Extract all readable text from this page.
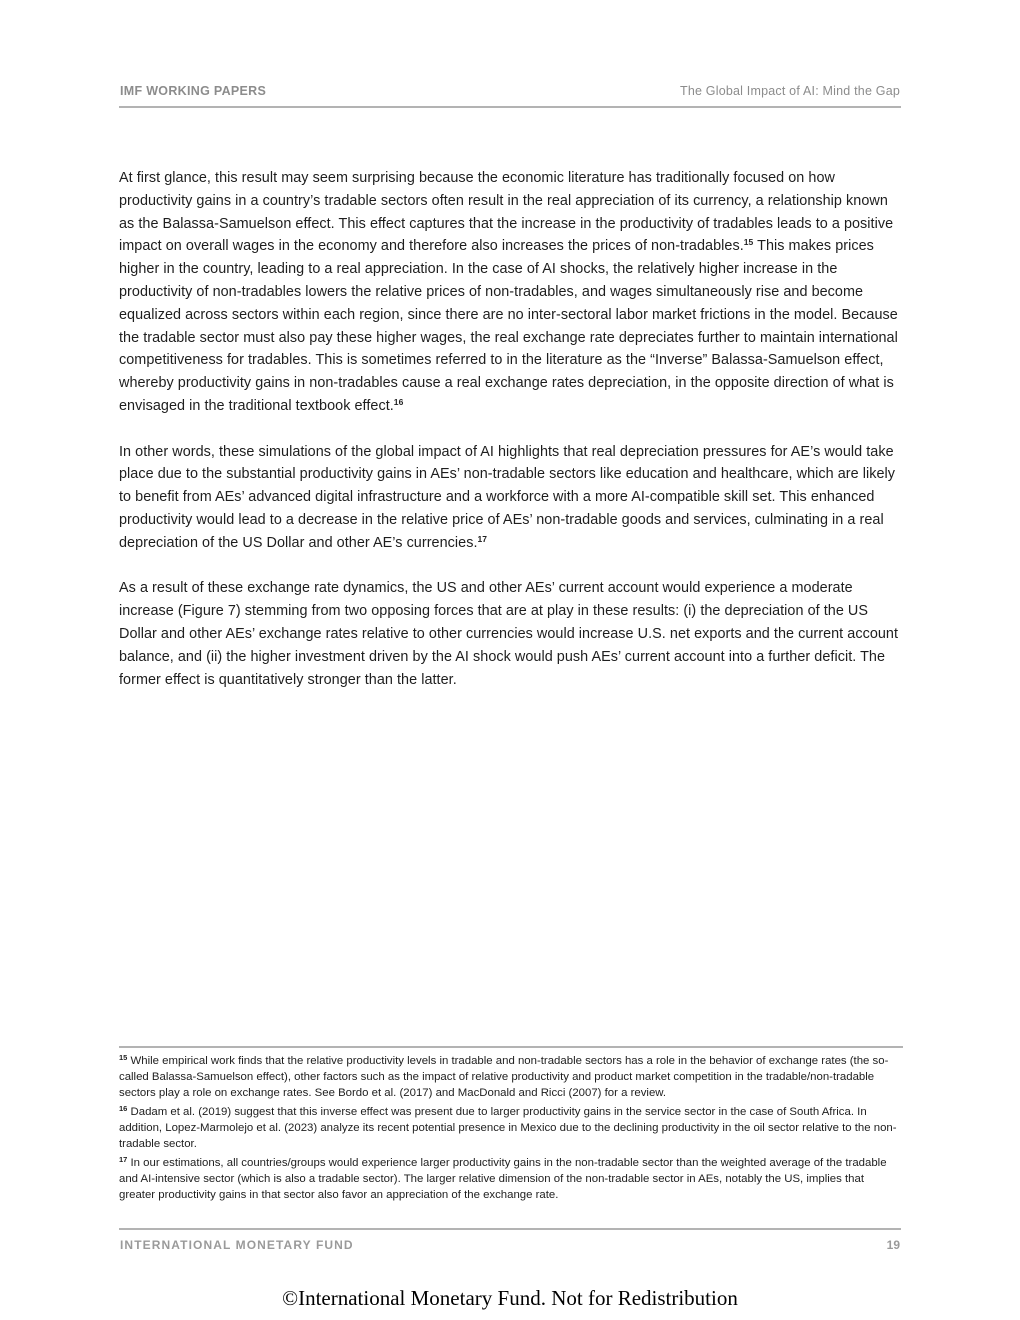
IMF WORKING PAPERS	The Global Impact of AI: Mind the Gap

At first glance, this result may seem surprising because the economic literature has traditionally focused on how productivity gains in a country’s tradable sectors often result in the real appreciation of its currency, a relationship known as the Balassa-Samuelson effect. This effect captures that the increase in the productivity of tradables leads to a positive impact on overall wages in the economy and therefore also increases the prices of non-tradables.$^{15}$ This makes prices higher in the country, leading to a real appreciation. In the case of AI shocks, the relatively higher increase in the productivity of non-tradables lowers the relative prices of non-tradables, and wages simultaneously rise and become equalized across sectors within each region, since there are no inter-sectoral labor market frictions in the model. Because the tradable sector must also pay these higher wages, the real exchange rate depreciates further to maintain international competitiveness for tradables. This is sometimes referred to in the literature as the “Inverse” Balassa-Samuelson effect, whereby productivity gains in non-tradables cause a real exchange rates depreciation, in the opposite direction of what is envisaged in the traditional textbook effect.$^{16}$

In other words, these simulations of the global impact of AI highlights that real depreciation pressures for AE’s would take place due to the substantial productivity gains in AEs’ non-tradable sectors like education and healthcare, which are likely to benefit from AEs’ advanced digital infrastructure and a workforce with a more AI-compatible skill set. This enhanced productivity would lead to a decrease in the relative price of AEs’ non-tradable goods and services, culminating in a real depreciation of the US Dollar and other AE’s currencies.$^{17}$

As a result of these exchange rate dynamics, the US and other AEs’ current account would experience a moderate increase (Figure 7) stemming from two opposing forces that are at play in these results: (i) the depreciation of the US Dollar and other AEs’ exchange rates relative to other currencies would increase U.S. net exports and the current account balance, and (ii) the higher investment driven by the AI shock would push AEs’ current account into a further deficit. The former effect is quantitatively stronger than the latter.

$^{15}$ While empirical work finds that the relative productivity levels in tradable and non-tradable sectors has a role in the behavior of exchange rates (the so-called Balassa-Samuelson effect), other factors such as the impact of relative productivity and product market competition in the tradable/non-tradable sectors play a role on exchange rates. See Bordo et al. (2017) and MacDonald and Ricci (2007) for a review.
$^{16}$ Dadam et al. (2019) suggest that this inverse effect was present due to larger productivity gains in the service sector in the case of South Africa. In addition, Lopez-Marmolejo et al. (2023) analyze its recent potential presence in Mexico due to the declining productivity in the oil sector relative to the non-tradable sector.
$^{17}$ In our estimations, all countries/groups would experience larger productivity gains in the non-tradable sector than the weighted average of the tradable and AI-intensive sector (which is also a tradable sector). The larger relative dimension of the non-tradable sector in AEs, notably the US, implies that greater productivity gains in that sector also favor an appreciation of the exchange rate.
INTERNATIONAL MONETARY FUND	19
©International Monetary Fund. Not for Redistribution
